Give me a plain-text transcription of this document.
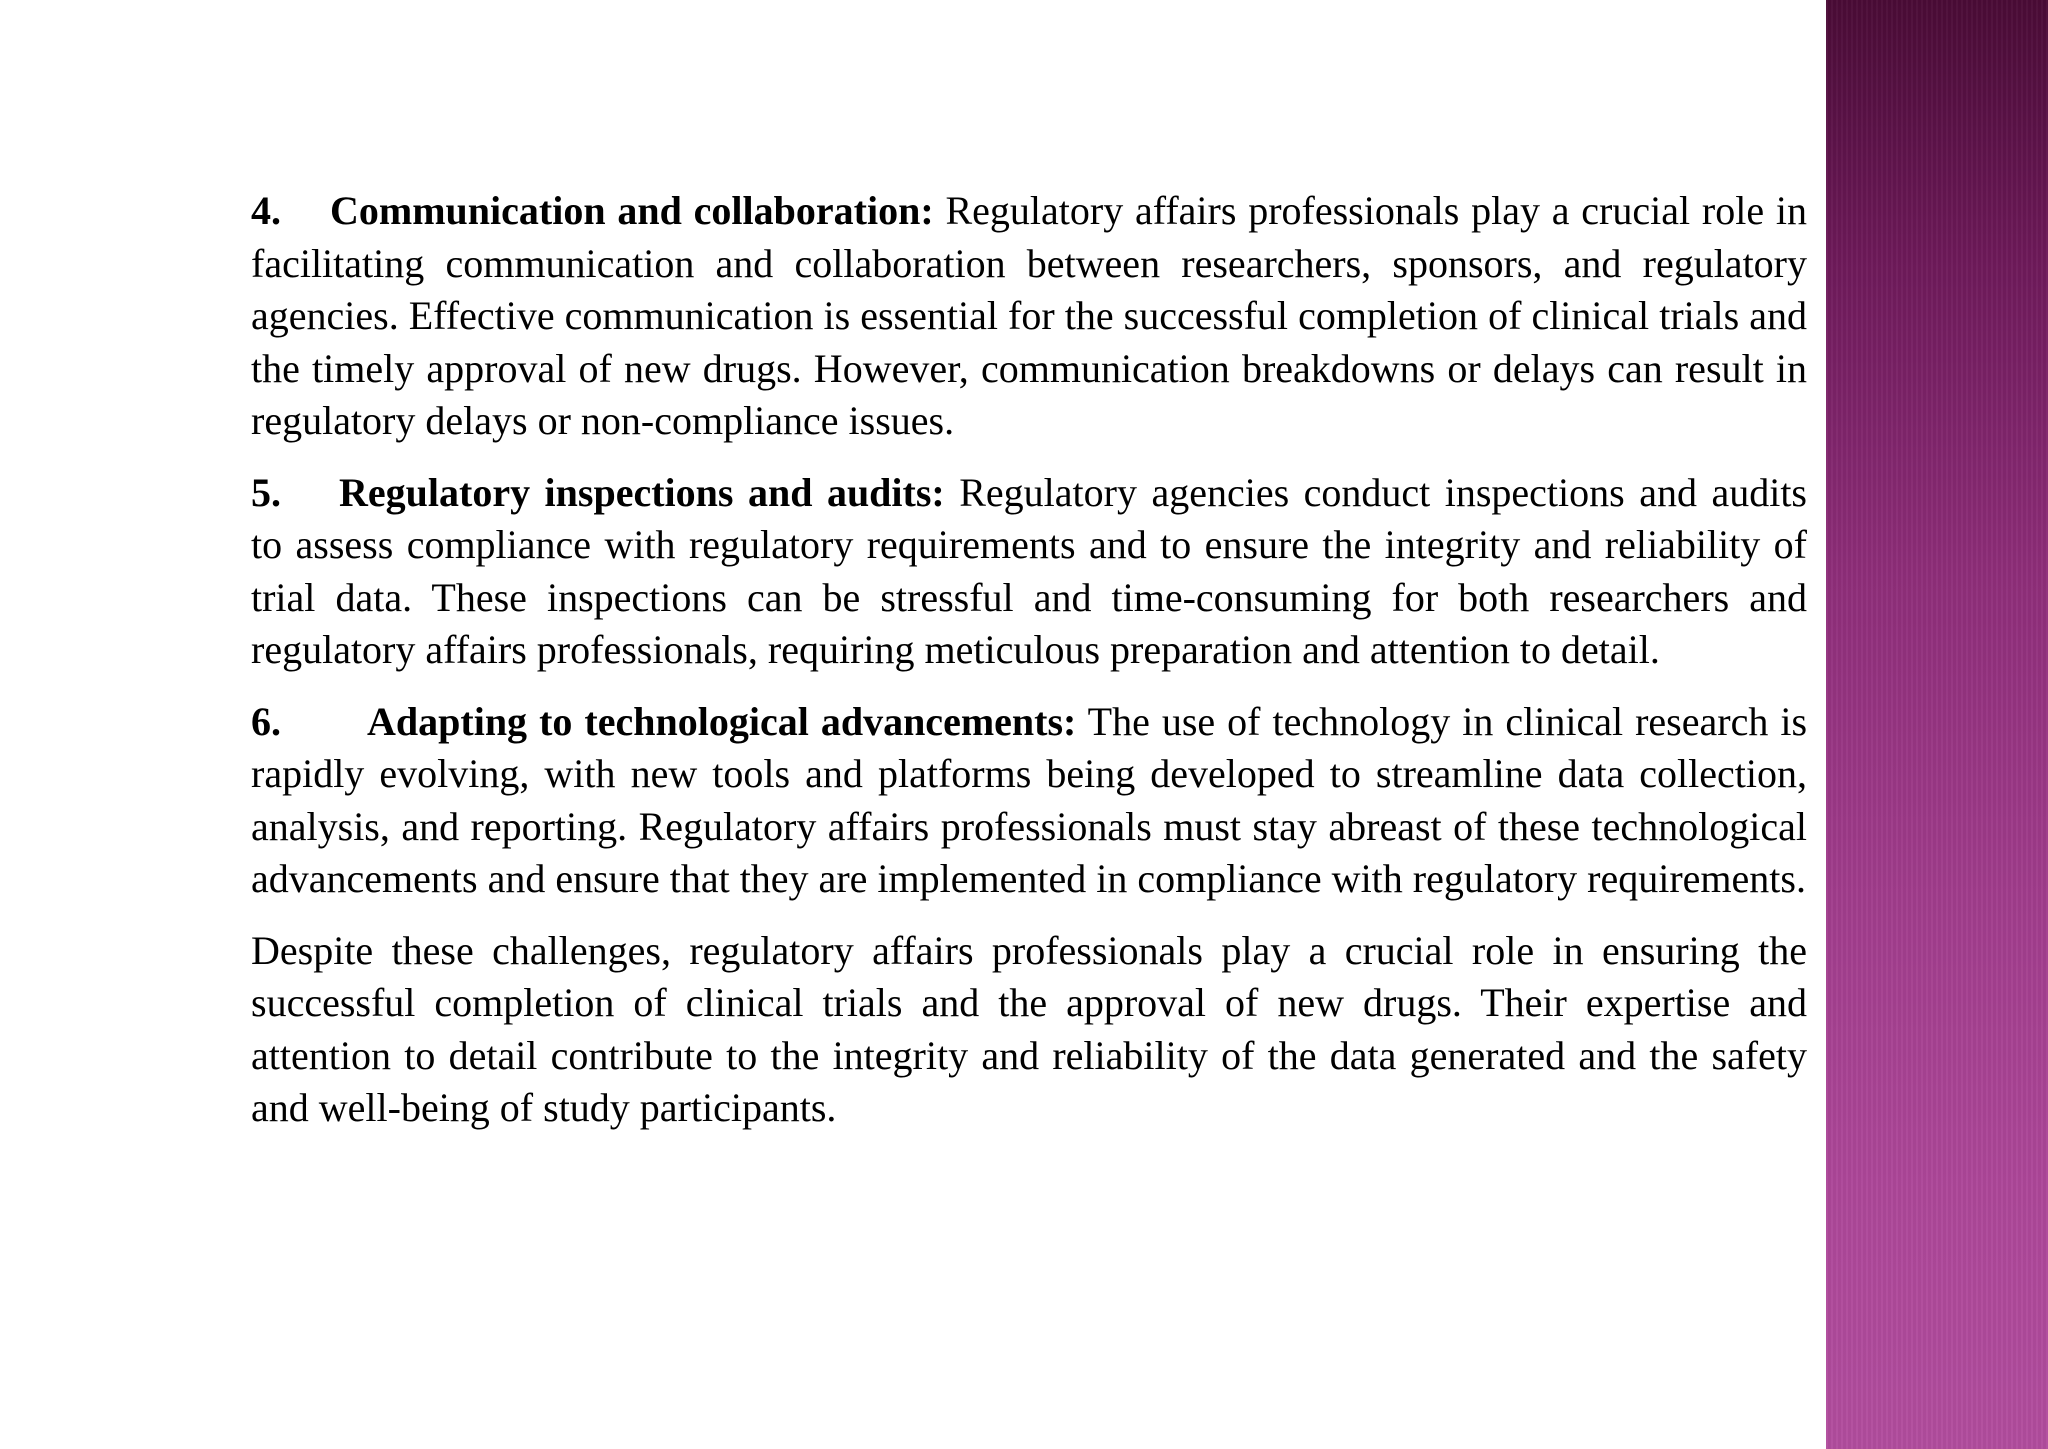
4. Communication and collaboration: Regulatory affairs professionals play a crucial role in facilitating communication and collaboration between researchers, sponsors, and regulatory agencies. Effective communication is essential for the successful completion of clinical trials and the timely approval of new drugs. However, communication breakdowns or delays can result in regulatory delays or non-compliance issues.

5. Regulatory inspections and audits: Regulatory agencies conduct inspections and audits to assess compliance with regulatory requirements and to ensure the integrity and reliability of trial data. These inspections can be stressful and time-consuming for both researchers and regulatory affairs professionals, requiring meticulous preparation and attention to detail.

6. Adapting to technological advancements: The use of technology in clinical research is rapidly evolving, with new tools and platforms being developed to streamline data collection, analysis, and reporting. Regulatory affairs professionals must stay abreast of these technological advancements and ensure that they are implemented in compliance with regulatory requirements.

Despite these challenges, regulatory affairs professionals play a crucial role in ensuring the successful completion of clinical trials and the approval of new drugs. Their expertise and attention to detail contribute to the integrity and reliability of the data generated and the safety and well-being of study participants.
